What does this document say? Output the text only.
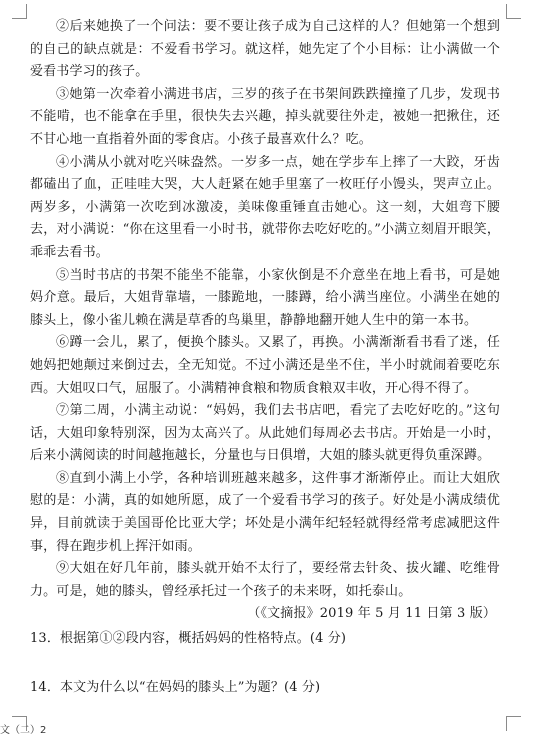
②后来她换了一个问法：要不要让孩子成为自己这样的人？但她第一个想到的自己的缺点就是：不爱看书学习。就这样，她先定了个小目标：让小满做一个爱看书学习的孩子。

③她第一次牵着小满进书店，三岁的孩子在书架间跌跌撞撞了几步，发现书不能啃，也不能拿在手里，很快失去兴趣，掉头就要往外走，被她一把揪住，还不甘心地一直指着外面的零食店。小孩子最喜欢什么？吃。

④小满从小就对吃兴味盎然。一岁多一点，她在学步车上摔了一大跤，牙齿都磕出了血，正哇哇大哭，大人赶紧在她手里塞了一枚旺仔小馒头，哭声立止。两岁多，小满第一次吃到冰激凌，美味像重锤直击她心。这一刻，大姐弯下腰去，对小满说：“你在这里看一小时书，就带你去吃好吃的。”小满立刻眉开眼笑，乖乖去看书。

⑤当时书店的书架不能坐不能靠，小家伙倒是不介意坐在地上看书，可是她妈介意。最后，大姐背靠墙，一膝跪地，一膝蹲，给小满当座位。小满坐在她的膝头上，像小雀儿赖在满是草香的鸟巢里，静静地翻开她人生中的第一本书。

⑥蹲一会儿，累了，便换个膝头。又累了，再换。小满渐渐看书看了迷，任她妈把她颠过来倒过去，全无知觉。不过小满还是坐不住，半小时就闹着要吃东西。大姐叹口气，屈服了。小满精神食粮和物质食粮双丰收，开心得不得了。

⑦第二周，小满主动说：“妈妈，我们去书店吧，看完了去吃好吃的。”这句话，大姐印象特别深，因为太高兴了。从此她们每周必去书店。开始是一小时，后来小满阅读的时间越拖越长，分量也与日俱增，大姐的膝头就更得负重深蹲。

⑧直到小满上小学，各种培训班越来越多，这件事才渐渐停止。而让大姐欣慰的是：小满，真的如她所愿，成了一个爱看书学习的孩子。好处是小满成绩优异，目前就读于美国哥伦比亚大学；坏处是小满年纪轻轻就得经常考虑减肥这件事，得在跑步机上挥汗如雨。

⑨大姐在好几年前，膝头就开始不太行了，要经常去针灸、拔火罐、吃维骨力。可是，她的膝头，曾经承托过一个孩子的未来呀，如托泰山。

（《文摘报》2019 年 5 月 11 日第 3 版）

13．根据第①②段内容，概括妈妈的性格特点。(4 分)

14．本文为什么以“在妈妈的膝头上”为题？(4 分)

文（二）2
